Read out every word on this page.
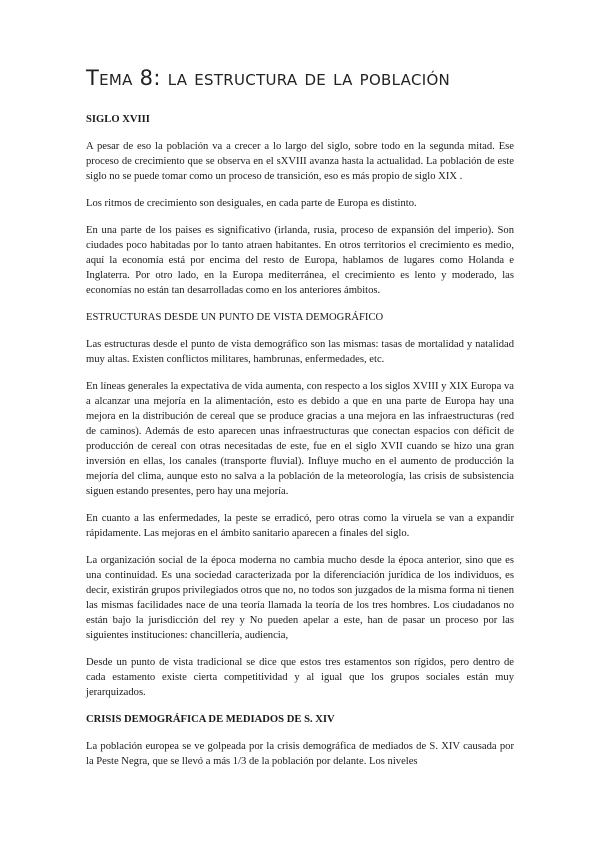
Tema 8: la estructura de la población
SIGLO XVIII

A pesar de eso la población va a crecer a lo largo del siglo, sobre todo en la segunda mitad. Ese proceso de crecimiento que se observa en el sXVIII avanza hasta la actualidad. La población de este siglo no se puede tomar como un proceso de transición, eso es más propio de siglo XIX .

Los ritmos de crecimiento son desiguales, en cada parte de Europa es distinto.

En una parte de los paises es significativo (irlanda, rusia, proceso de expansión del imperio). Son ciudades poco habitadas por lo tanto atraen habitantes. En otros territorios el crecimiento es medio, aquí la economía está por encima del resto de Europa, hablamos de lugares como Holanda e Inglaterra. Por otro lado, en la Europa mediterránea, el crecimiento es lento y moderado, las economías no están tan desarrolladas como en los anteriores ámbitos.

ESTRUCTURAS DESDE UN PUNTO DE VISTA DEMOGRÁFICO

Las estructuras desde el punto de vista demográfico son las mismas: tasas de mortalidad y natalidad muy altas. Existen conflictos militares, hambrunas, enfermedades, etc.

En líneas generales la expectativa de vida aumenta, con respecto a los siglos XVIII y XIX Europa va a alcanzar una mejoría en la alimentación, esto es debido a que en una parte de Europa hay una mejora en la distribución de cereal que se produce gracias a una mejora en las infraestructuras (red de caminos). Además de esto aparecen unas infraestructuras que conectan espacios con déficit de producción de cereal con otras necesitadas de este, fue en el siglo XVII cuando se hizo una gran inversión en ellas, los canales (transporte fluvial). Influye mucho en el aumento de producción la mejoría del clima, aunque esto no salva a la población de la meteorología, las crisis de subsistencia siguen estando presentes, pero hay una mejoría.

En cuanto a las enfermedades, la peste se erradicó, pero otras como la viruela se van a expandir rápidamente. Las mejoras en el ámbito sanitario aparecen a finales del siglo.

La organización social de la época moderna no cambia mucho desde la época anterior, sino que es una continuidad. Es una sociedad caracterizada por la diferenciación jurídica de los individuos, es decir, existirán grupos privilegiados otros que no, no todos son juzgados de la misma forma ni tienen las mismas facilidades nace de una teoría llamada la teoría de los tres hombres. Los ciudadanos no están bajo la jurisdicción del rey y No pueden apelar a este, han de pasar un proceso por las siguientes instituciones: chancillería, audiencia,

Desde un punto de vista tradicional se dice que estos tres estamentos son rígidos, pero dentro de cada estamento existe cierta competitividad y al igual que los grupos sociales están muy jerarquizados.

CRISIS DEMOGRÁFICA DE MEDIADOS DE S. XIV

La población europea se ve golpeada por la crisis demográfica de mediados de S. XIV causada por la Peste Negra, que se llevó a más 1/3 de la población por delante. Los niveles
